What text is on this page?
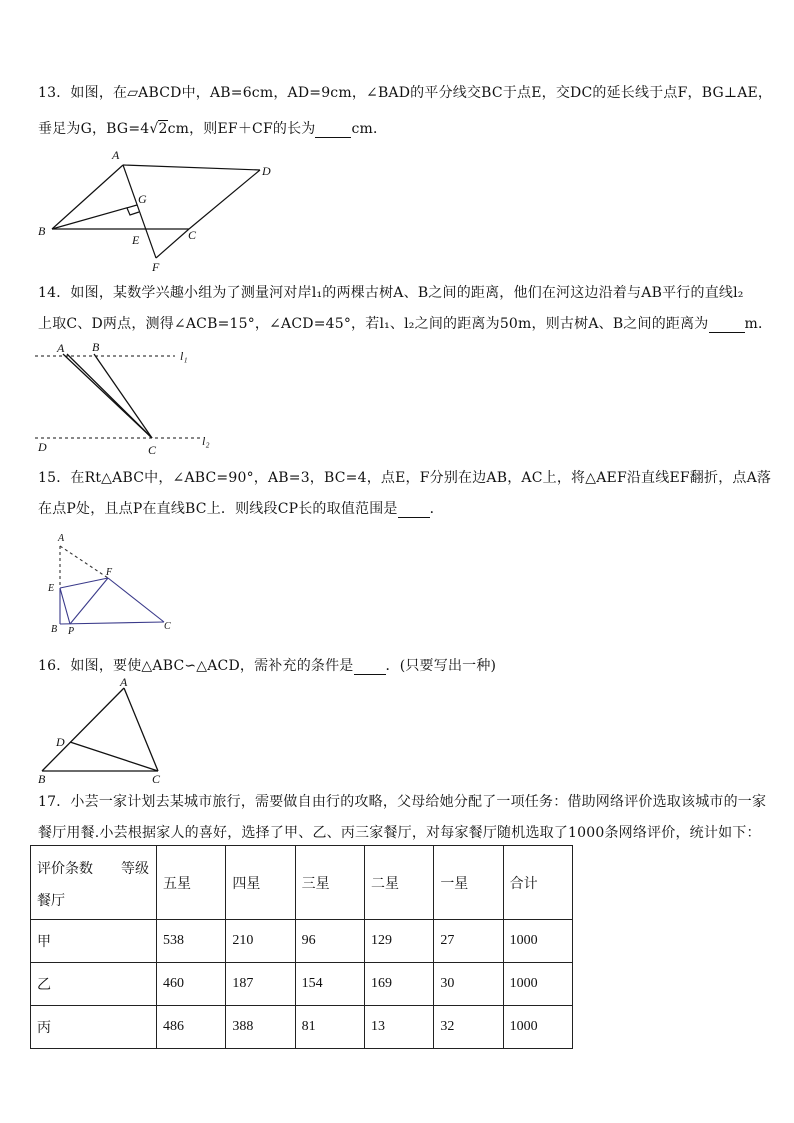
13．如图，在▱ABCD中，AB=6cm，AD=9cm，∠BAD的平分线交BC于点E，交DC的延长线于点F，BG⊥AE，
垂足为G，BG=4√2cm，则EF＋CF的长为	cm．
A
D
B	C
E
F
G
14．如图，某数学兴趣小组为了测量河对岸l₁的两棵古树A、B之间的距离，他们在河这边沿着与AB平行的直线l₂
上取C、D两点，测得∠ACB=15°，∠ACD=45°，若l₁、l₂之间的距离为50m，则古树A、B之间的距离为	m．
A B
l₁
D	C
l₂
15．在Rt△ABC中，∠ABC=90°，AB=3，BC=4，点E，F分别在边AB，AC上，将△AEF沿直线EF翻折，点A落
在点P处，且点P在直线BC上．则线段CP长的取值范围是 ．
A
E
F
B P	C
16．如图，要使△ABC∽△ACD，需补充的条件是 ．(只要写出一种)
A
D
B	C
17．小芸一家计划去某城市旅行，需要做自由行的攻略，父母给她分配了一项任务：借助网络评价选取该城市的一家
餐厅用餐.小芸根据家人的喜好，选择了甲、乙、丙三家餐厅，对每家餐厅随机选取了1000条网络评价，统计如下：
评价条数 等级
餐厅	五星	四星	三星	二星	一星	合计
甲	538	210	96	129	27	1000
乙	460	187	154	169	30	1000
丙	486	388	81	13	32	1000
